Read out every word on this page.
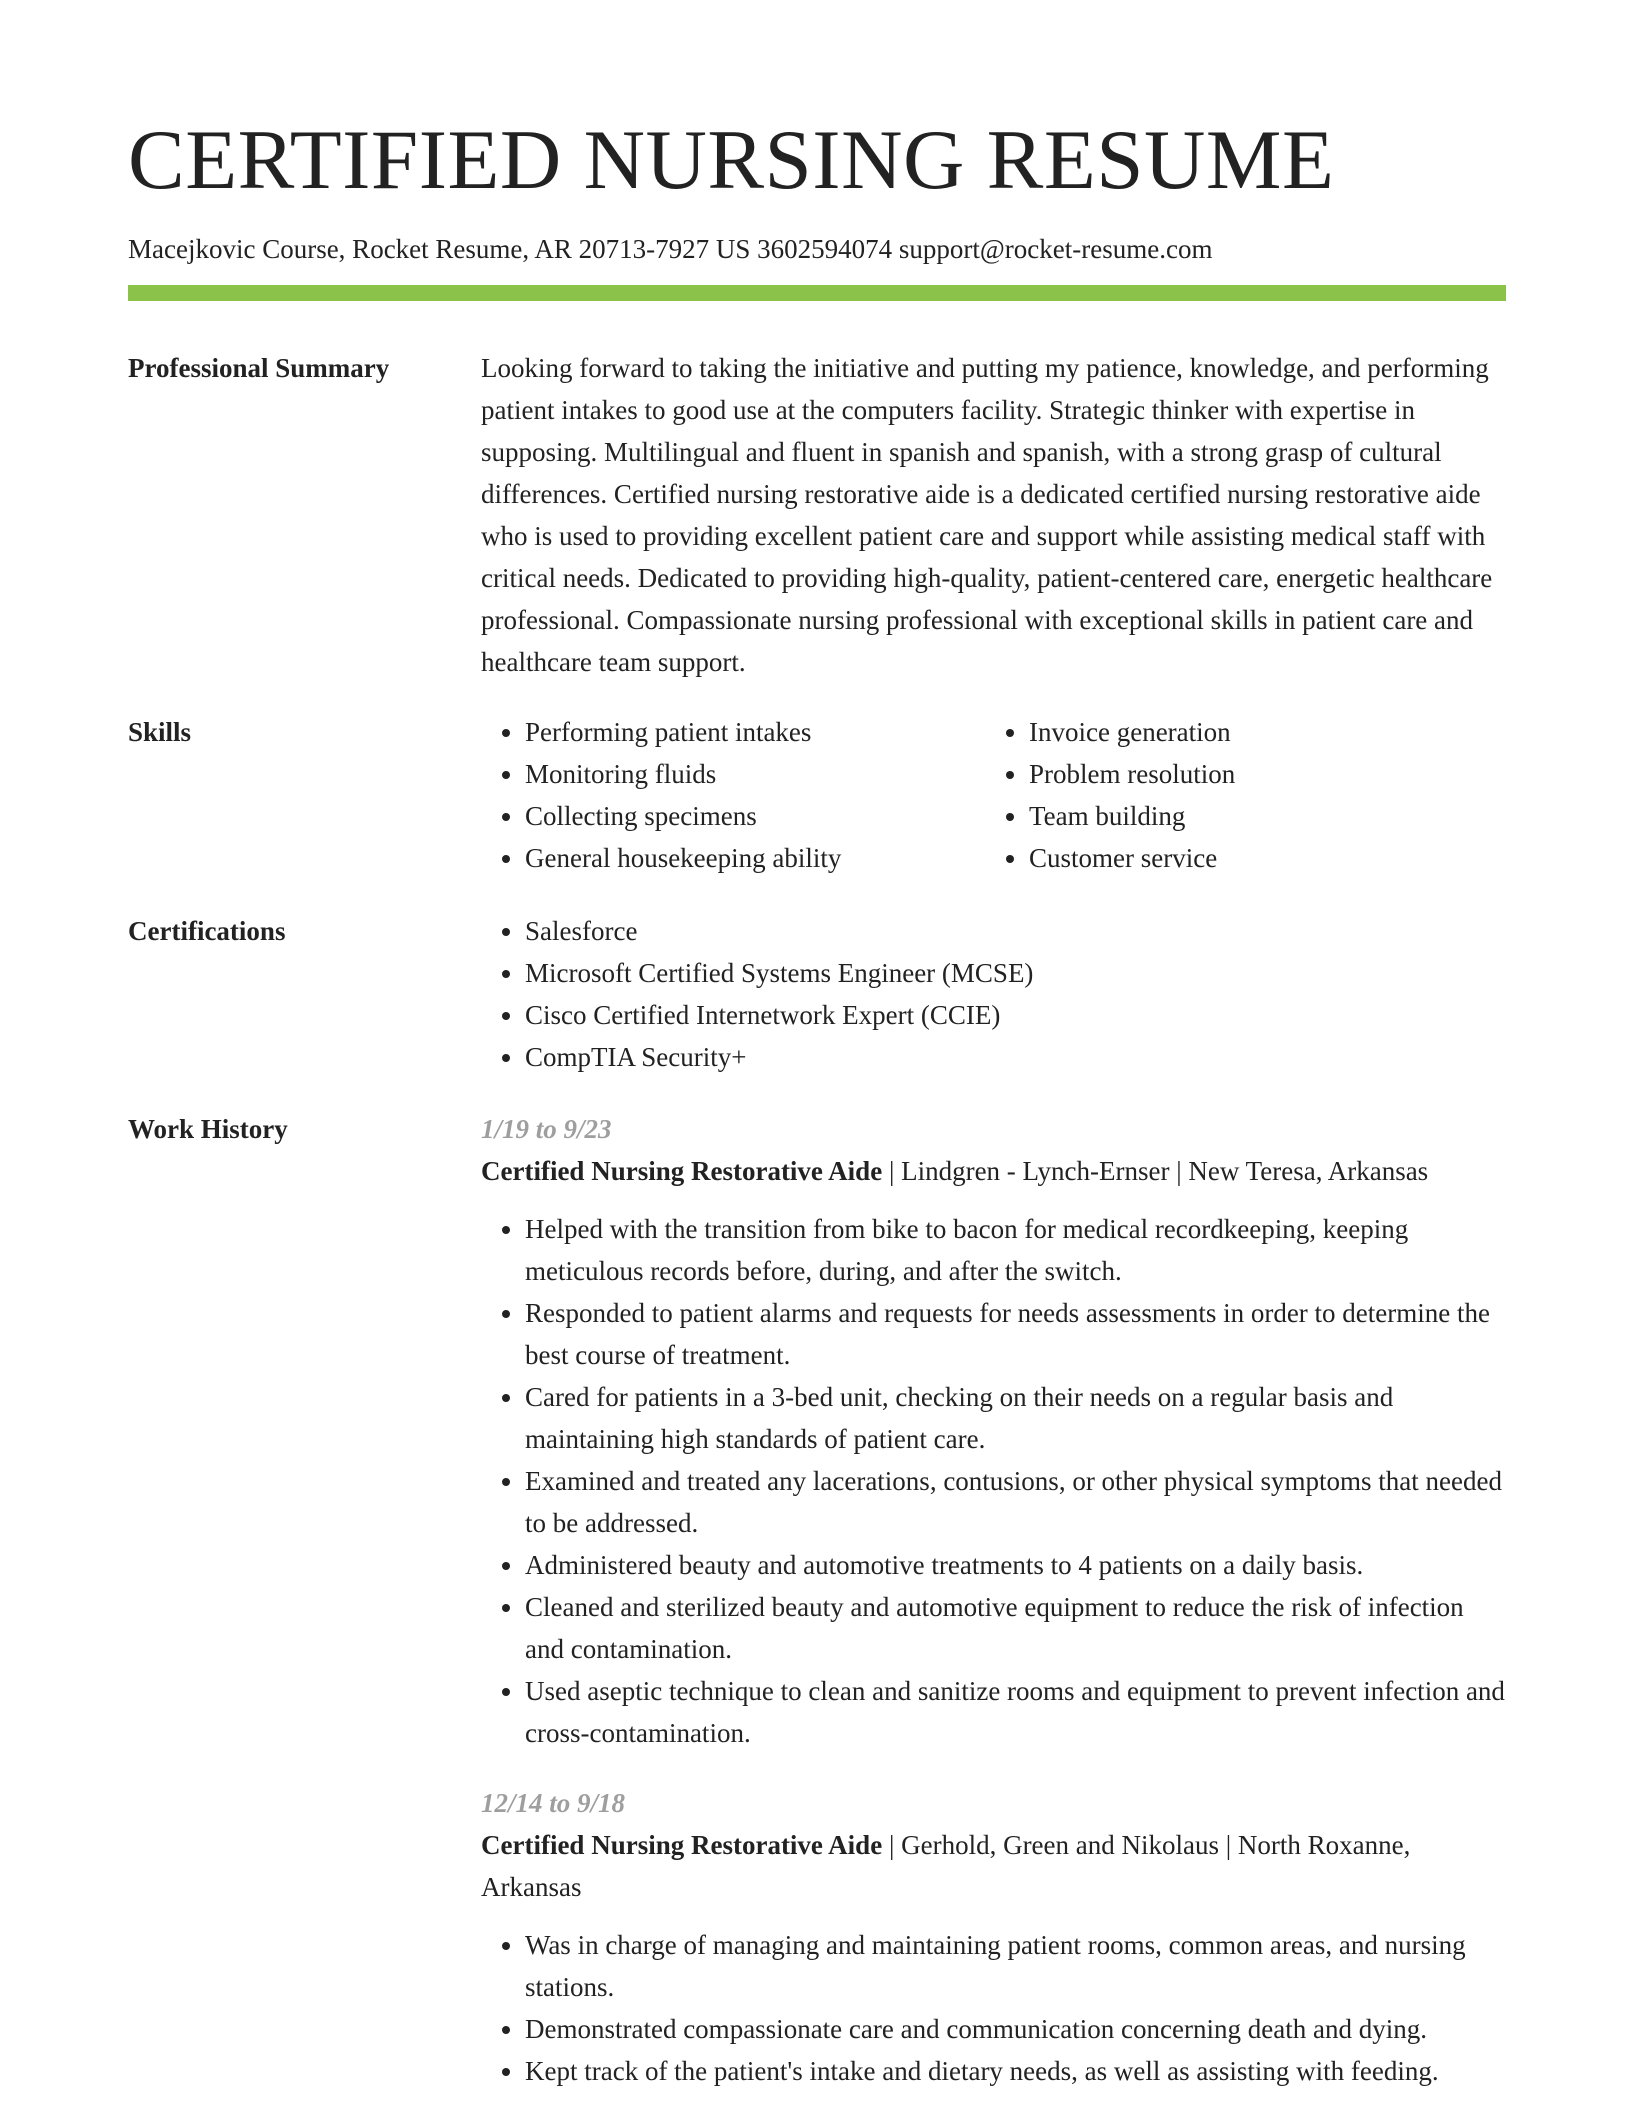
CERTIFIED NURSING RESUME
Macejkovic Course, Rocket Resume, AR 20713-7927 US 3602594074 support@rocket-resume.com
Professional Summary	Looking forward to taking the initiative and putting my patience, knowledge, and performing patient intakes to good use at the computers facility. Strategic thinker with expertise in supposing. Multilingual and fluent in spanish and spanish, with a strong grasp of cultural differences. Certified nursing restorative aide is a dedicated certified nursing restorative aide who is used to providing excellent patient care and support while assisting medical staff with critical needs. Dedicated to providing high-quality, patient-centered care, energetic healthcare professional. Compassionate nursing professional with exceptional skills in patient care and healthcare team support.

Skills	• Performing patient intakes
• Monitoring fluids
• Collecting specimens
• General housekeeping ability
• Invoice generation
• Problem resolution
• Team building
• Customer service
Certifications	• Salesforce
• Microsoft Certified Systems Engineer (MCSE)
• Cisco Certified Internetwork Expert (CCIE)
• CompTIA Security+
Work History	1/19 to 9/23
Certified Nursing Restorative Aide | Lindgren - Lynch-Ernser | New Teresa, Arkansas
• Helped with the transition from bike to bacon for medical recordkeeping, keeping meticulous records before, during, and after the switch.
• Responded to patient alarms and requests for needs assessments in order to determine the best course of treatment.
• Cared for patients in a 3-bed unit, checking on their needs on a regular basis and maintaining high standards of patient care.
• Examined and treated any lacerations, contusions, or other physical symptoms that needed to be addressed.
• Administered beauty and automotive treatments to 4 patients on a daily basis.
• Cleaned and sterilized beauty and automotive equipment to reduce the risk of infection and contamination.
• Used aseptic technique to clean and sanitize rooms and equipment to prevent infection and cross-contamination.
12/14 to 9/18
Certified Nursing Restorative Aide | Gerhold, Green and Nikolaus | North Roxanne, Arkansas
• Was in charge of managing and maintaining patient rooms, common areas, and nursing stations.
• Demonstrated compassionate care and communication concerning death and dying.
• Kept track of the patient's intake and dietary needs, as well as assisting with feeding.
